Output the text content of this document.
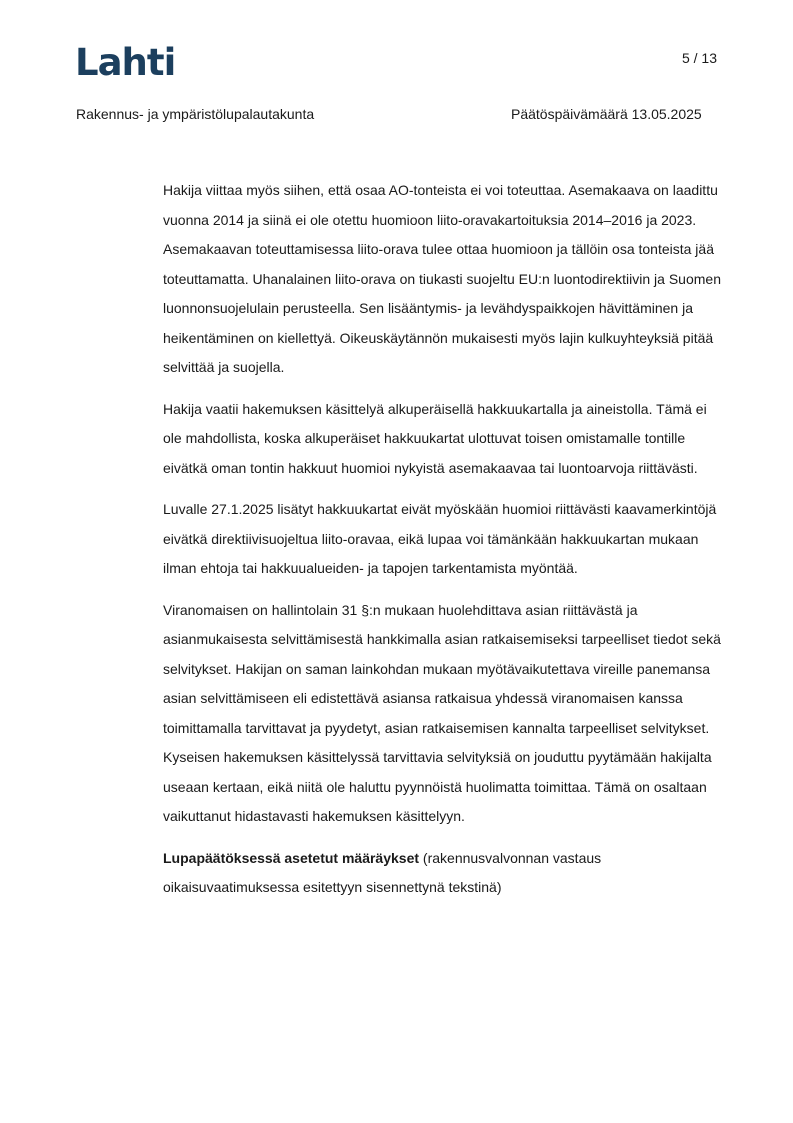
Lahti	5 / 13
Rakennus- ja ympäristölupalautakunta	Päätöspäivämäärä 13.05.2025

Hakija viittaa myös siihen, että osaa AO-tonteista ei voi toteuttaa. Asemakaava on laadittu vuonna 2014 ja siinä ei ole otettu huomioon liito-oravakartoituksia 2014–2016 ja 2023. Asemakaavan toteuttamisessa liito-orava tulee ottaa huomioon ja tällöin osa tonteista jää toteuttamatta. Uhanalainen liito-orava on tiukasti suojeltu EU:n luontodirektiivin ja Suomen luonnonsuojelulain perusteella. Sen lisääntymis- ja levähdyspaikkojen hävittäminen ja heikentäminen on kiellettyä. Oikeuskäytännön mukaisesti myös lajin kulkuyhteyksiä pitää selvittää ja suojella.

Hakija vaatii hakemuksen käsittelyä alkuperäisellä hakkuukartalla ja aineistolla. Tämä ei ole mahdollista, koska alkuperäiset hakkuukartat ulottuvat toisen omistamalle tontille eivätkä oman tontin hakkuut huomioi nykyistä asemakaavaa tai luontoarvoja riittävästi.

Luvalle 27.1.2025 lisätyt hakkuukartat eivät myöskään huomioi riittävästi kaavamerkintöjä eivätkä direktiivisuojeltua liito-oravaa, eikä lupaa voi tämänkään hakkuukartan mukaan ilman ehtoja tai hakkuualueiden- ja tapojen tarkentamista myöntää.

Viranomaisen on hallintolain 31 §:n mukaan huolehdittava asian riittävästä ja asianmukaisesta selvittämisestä hankkimalla asian ratkaisemiseksi tarpeelliset tiedot sekä selvitykset. Hakijan on saman lainkohdan mukaan myötävaikutettava vireille panemansa asian selvittämiseen eli edistettävä asiansa ratkaisua yhdessä viranomaisen kanssa toimittamalla tarvittavat ja pyydetyt, asian ratkaisemisen kannalta tarpeelliset selvitykset. Kyseisen hakemuksen käsittelyssä tarvittavia selvityksiä on jouduttu pyytämään hakijalta useaan kertaan, eikä niitä ole haluttu pyynnöistä huolimatta toimittaa. Tämä on osaltaan vaikuttanut hidastavasti hakemuksen käsittelyyn.

Lupapäätöksessä asetetut määräykset (rakennusvalvonnan vastaus oikaisuvaatimuksessa esitettyyn sisennettynä tekstinä)
